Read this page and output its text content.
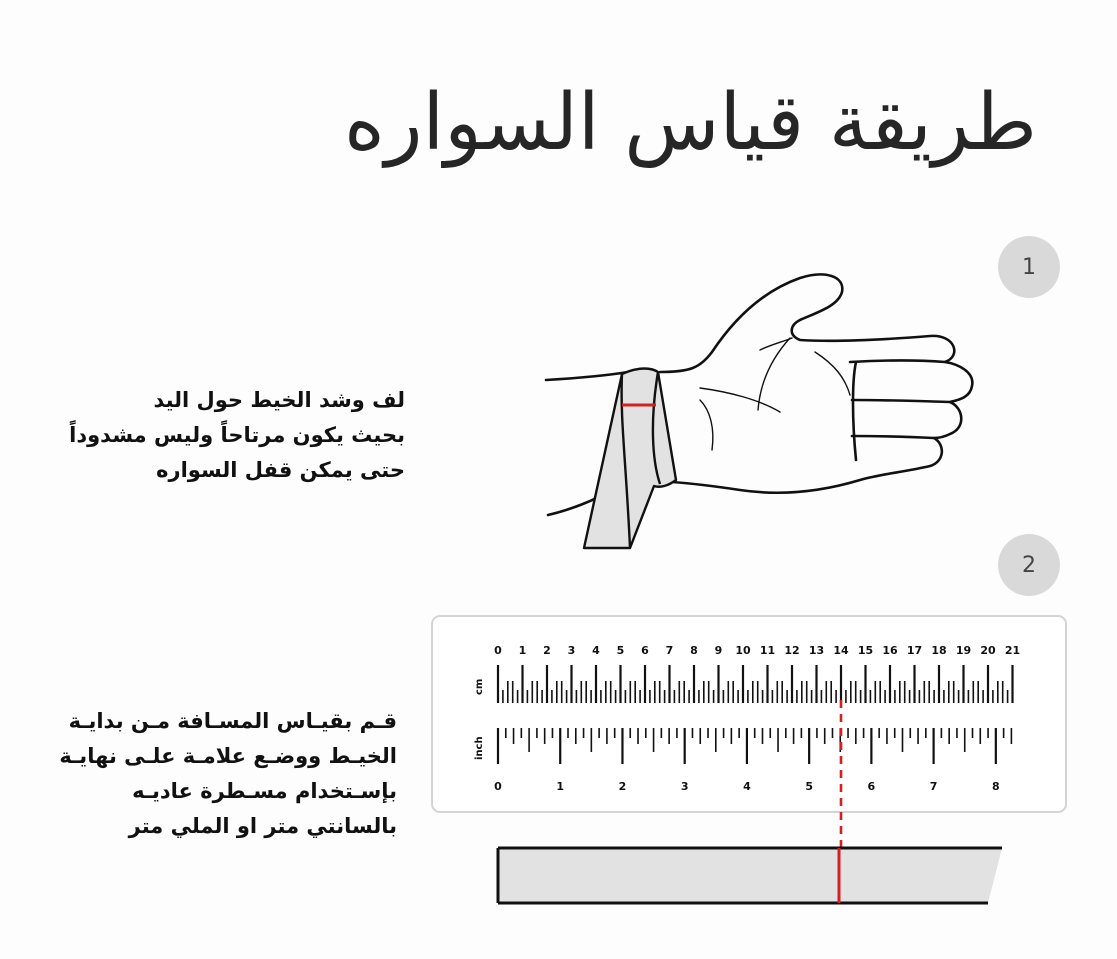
طريقة قياس السواره
0 1 2 3 4 5 6 7 8 9 10 11 12 13 14 15 16 17 18 19 20 21
0	1	2	3	4	5	6	7	8
cm
inch
1
2
لف وشد الخيط حول اليد
بحيث يكون مرتاحاً وليس مشدوداً
حتى يمكن قفل السواره
قـم بقيـاس المسـافة مـن بدايـة
الخيـط ووضـع علامـة علـى نهايـة
بإسـتخدام مسـطرة عاديـه
بالسانتي متر او الملي متر
